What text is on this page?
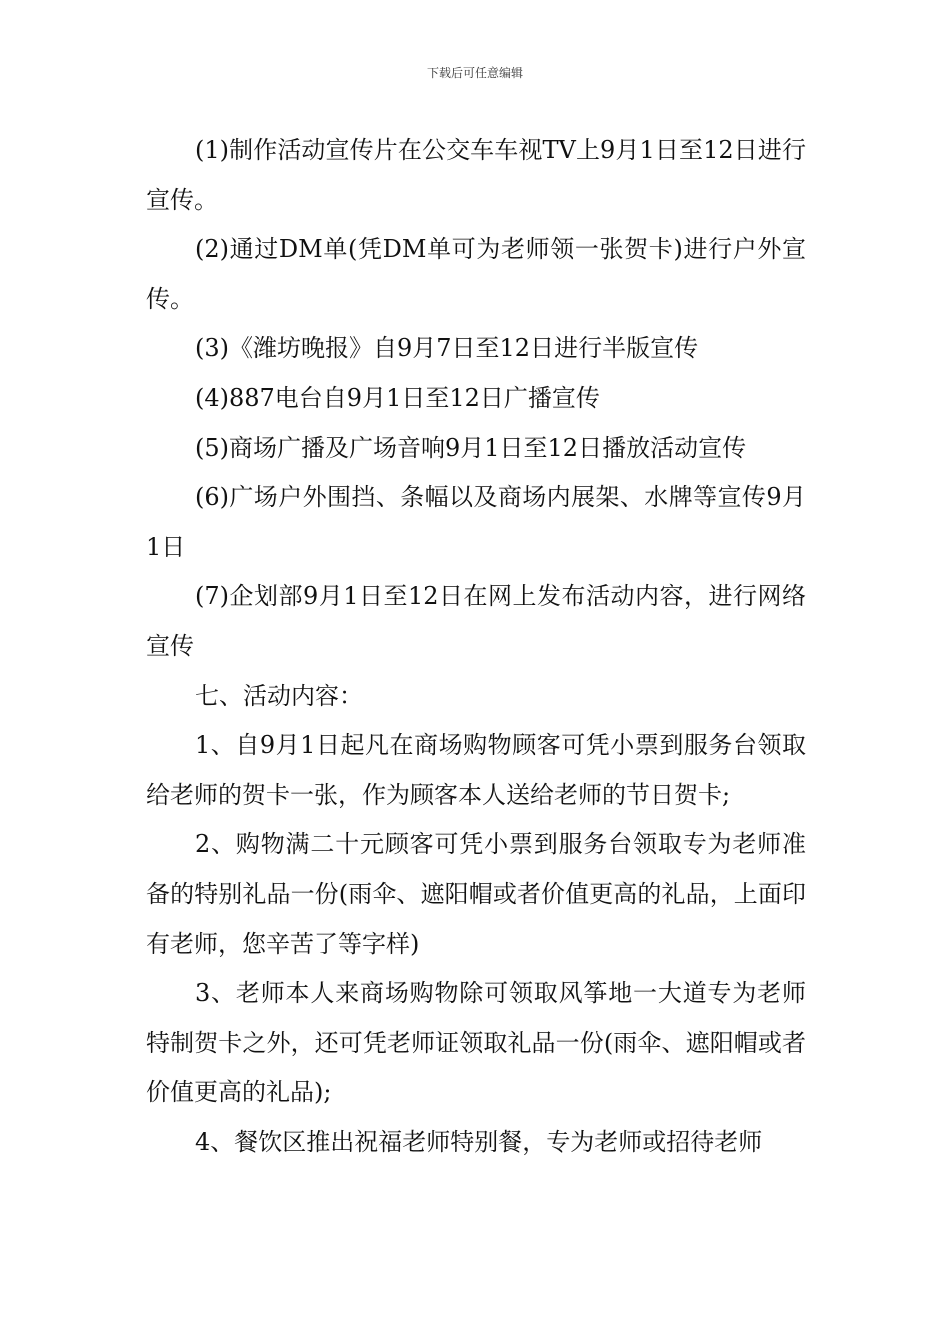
下载后可任意编辑

(1)制作活动宣传片在公交车车视TV上9月1日至12日进行宣传。

(2)通过DM单(凭DM单可为老师领一张贺卡)进行户外宣传。

(3)《潍坊晚报》自9月7日至12日进行半版宣传

(4)887电台自9月1日至12日广播宣传

(5)商场广播及广场音响9月1日至12日播放活动宣传

(6)广场户外围挡、条幅以及商场内展架、水牌等宣传9月1日

(7)企划部9月1日至12日在网上发布活动内容，进行网络宣传

七、活动内容：

1、自9月1日起凡在商场购物顾客可凭小票到服务台领取给老师的贺卡一张，作为顾客本人送给老师的节日贺卡;

2、购物满二十元顾客可凭小票到服务台领取专为老师准备的特别礼品一份(雨伞、遮阳帽或者价值更高的礼品，上面印有老师，您辛苦了等字样)

3、老师本人来商场购物除可领取风筝地一大道专为老师特制贺卡之外，还可凭老师证领取礼品一份(雨伞、遮阳帽或者价值更高的礼品);

4、餐饮区推出祝福老师特别餐，专为老师或招待老师
